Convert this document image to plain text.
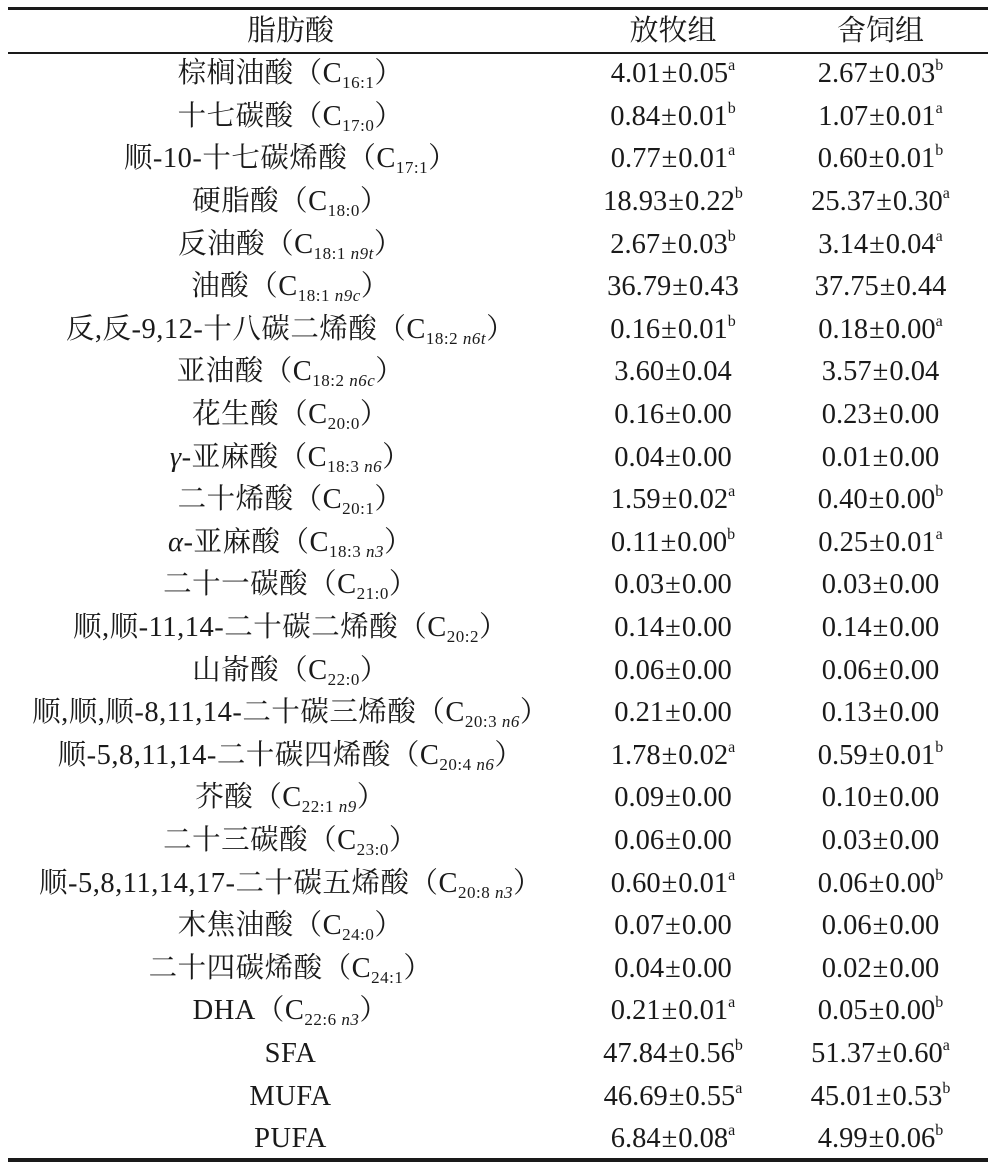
脂肪酸	放牧组	舍饲组
棕榈油酸$(C_{16:1})$	4.01±0.05$^a$	2.67±0.03$^b$
十七碳酸$(C_{17:0})$	0.84±0.01$^b$	1.07±0.01$^a$
顺-10-十七碳烯酸$(C_{17:1})$	0.77±0.01$^a$	0.60±0.01$^b$
硬脂酸$(C_{18:0})$	18.93±0.22$^b$	25.37±0.30$^a$
反油酸$(C_{18:1 n9t})$	2.67±0.03$^b$	3.14±0.04$^a$
油酸$(C_{18:1 n9c})$	36.79±0.43	37.75±0.44
反,反-9,12-十八碳二烯酸$(C_{18:2 n6t})$	0.16±0.01$^b$	0.18±0.00$^a$
亚油酸$(C_{18:2 n6c})$	3.60±0.04	3.57±0.04
花生酸$(C_{20:0})$	0.16±0.00	0.23±0.00
γ-亚麻酸$(C_{18:3 n6})$	0.04±0.00	0.01±0.00
二十烯酸$(C_{20:1})$	1.59±0.02$^a$	0.40±0.00$^b$
α-亚麻酸$(C_{18:3 n3})$	0.11±0.00$^b$	0.25±0.01$^a$
二十一碳酸$(C_{21:0})$	0.03±0.00	0.03±0.00
顺,顺-11,14-二十碳二烯酸$(C_{20:2})$	0.14±0.00	0.14±0.00
山嵛酸$(C_{22:0})$	0.06±0.00	0.06±0.00
顺,顺,顺-8,11,14-二十碳三烯酸$(C_{20:3 n6})$	0.21±0.00	0.13±0.00
顺-5,8,11,14-二十碳四烯酸$(C_{20:4 n6})$	1.78±0.02$^a$	0.59±0.01$^b$
芥酸$(C_{22:1 n9})$	0.09±0.00	0.10±0.00
二十三碳酸$(C_{23:0})$	0.06±0.00	0.03±0.00
顺-5,8,11,14,17-二十碳五烯酸$(C_{20:8 n3})$	0.60±0.01$^a$	0.06±0.00$^b$
木焦油酸$(C_{24:0})$	0.07±0.00	0.06±0.00
二十四碳烯酸$(C_{24:1})$	0.04±0.00	0.02±0.00
$DHA(C_{22:6 n3})$	0.21±0.01$^a$	0.05±0.00$^b$
SFA	47.84±0.56$^b$	51.37±0.60$^a$
MUFA	46.69±0.55$^a$	45.01±0.53$^b$
PUFA	6.84±0.08$^a$	4.99±0.06$^b$
